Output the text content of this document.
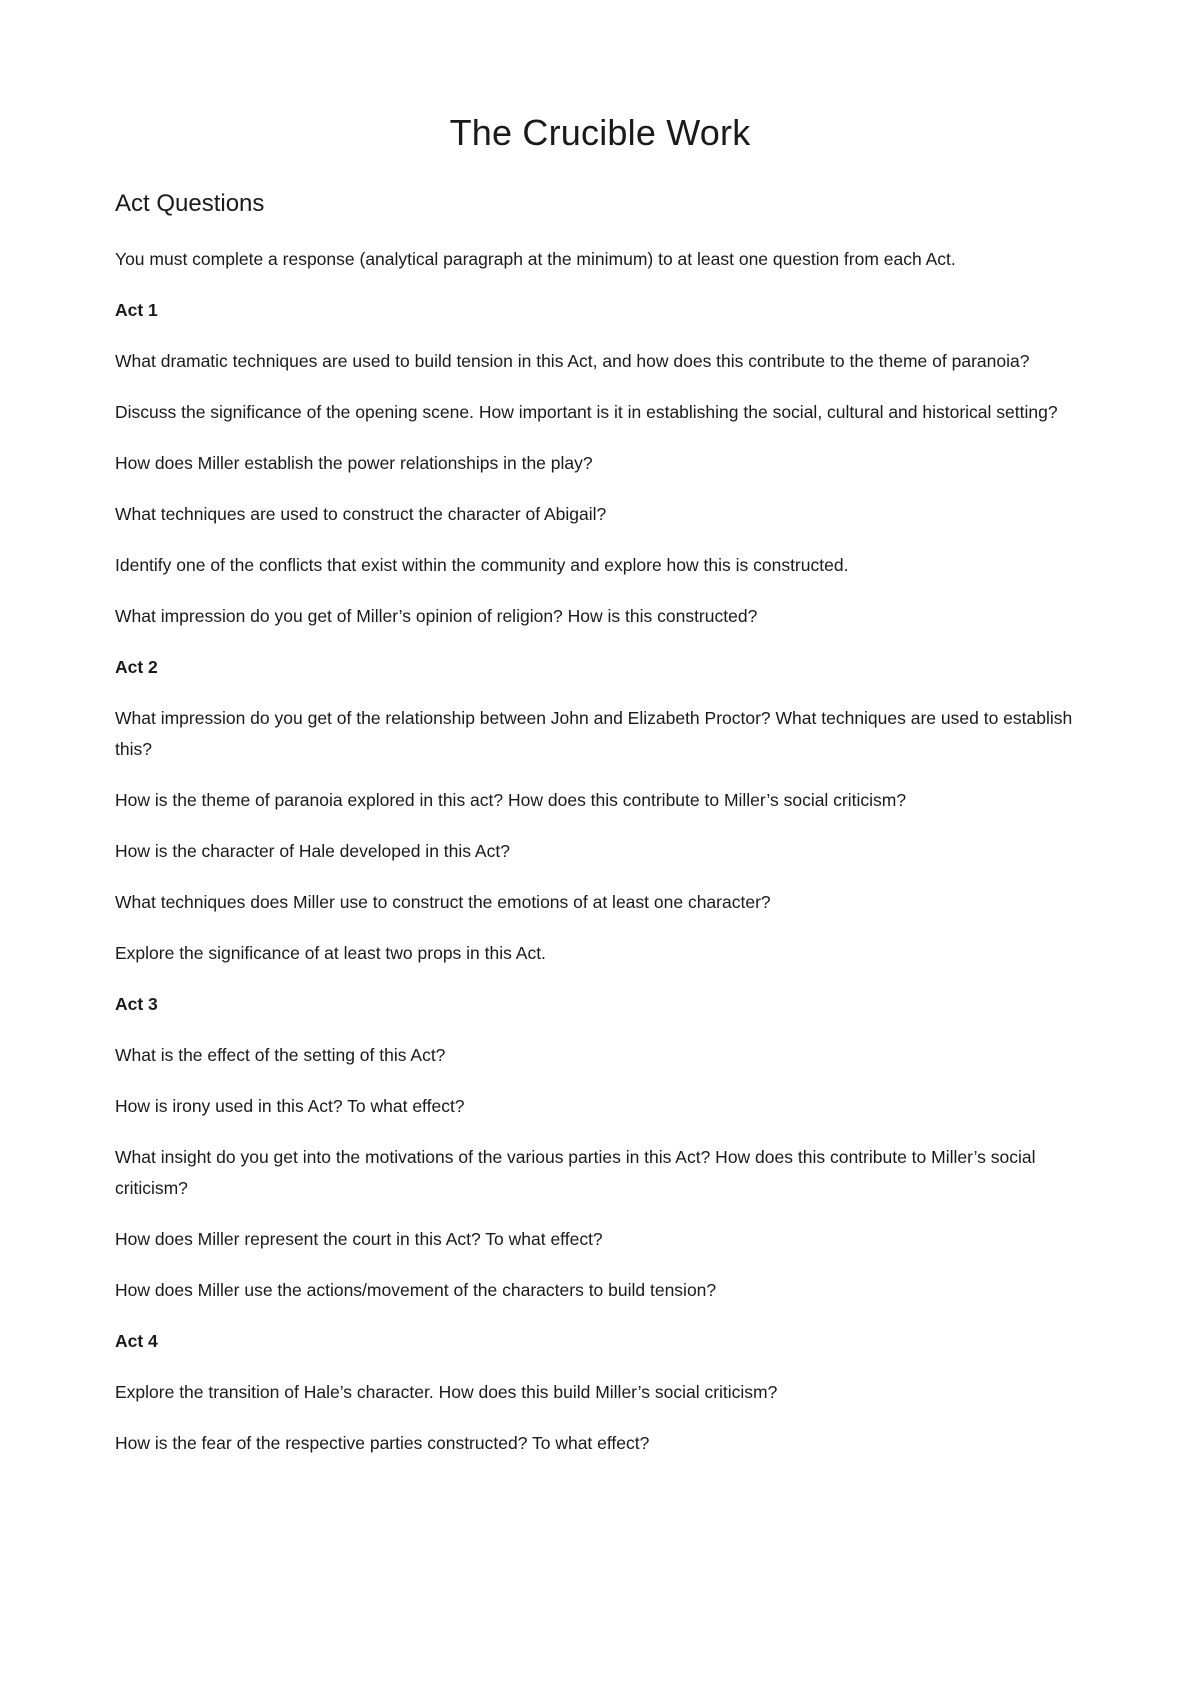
The Crucible Work
Act Questions

You must complete a response (analytical paragraph at the minimum) to at least one question from each Act.

Act 1

What dramatic techniques are used to build tension in this Act, and how does this contribute to the theme of paranoia?

Discuss the significance of the opening scene. How important is it in establishing the social, cultural and historical setting?

How does Miller establish the power relationships in the play?

What techniques are used to construct the character of Abigail?

Identify one of the conflicts that exist within the community and explore how this is constructed.

What impression do you get of Miller’s opinion of religion? How is this constructed?

Act 2

What impression do you get of the relationship between John and Elizabeth Proctor? What techniques are used to establish this?

How is the theme of paranoia explored in this act? How does this contribute to Miller’s social criticism?

How is the character of Hale developed in this Act?

What techniques does Miller use to construct the emotions of at least one character?

Explore the significance of at least two props in this Act.

Act 3

What is the effect of the setting of this Act?

How is irony used in this Act? To what effect?

What insight do you get into the motivations of the various parties in this Act? How does this contribute to Miller’s social criticism?

How does Miller represent the court in this Act? To what effect?

How does Miller use the actions/movement of the characters to build tension?

Act 4

Explore the transition of Hale’s character. How does this build Miller’s social criticism?

How is the fear of the respective parties constructed? To what effect?
